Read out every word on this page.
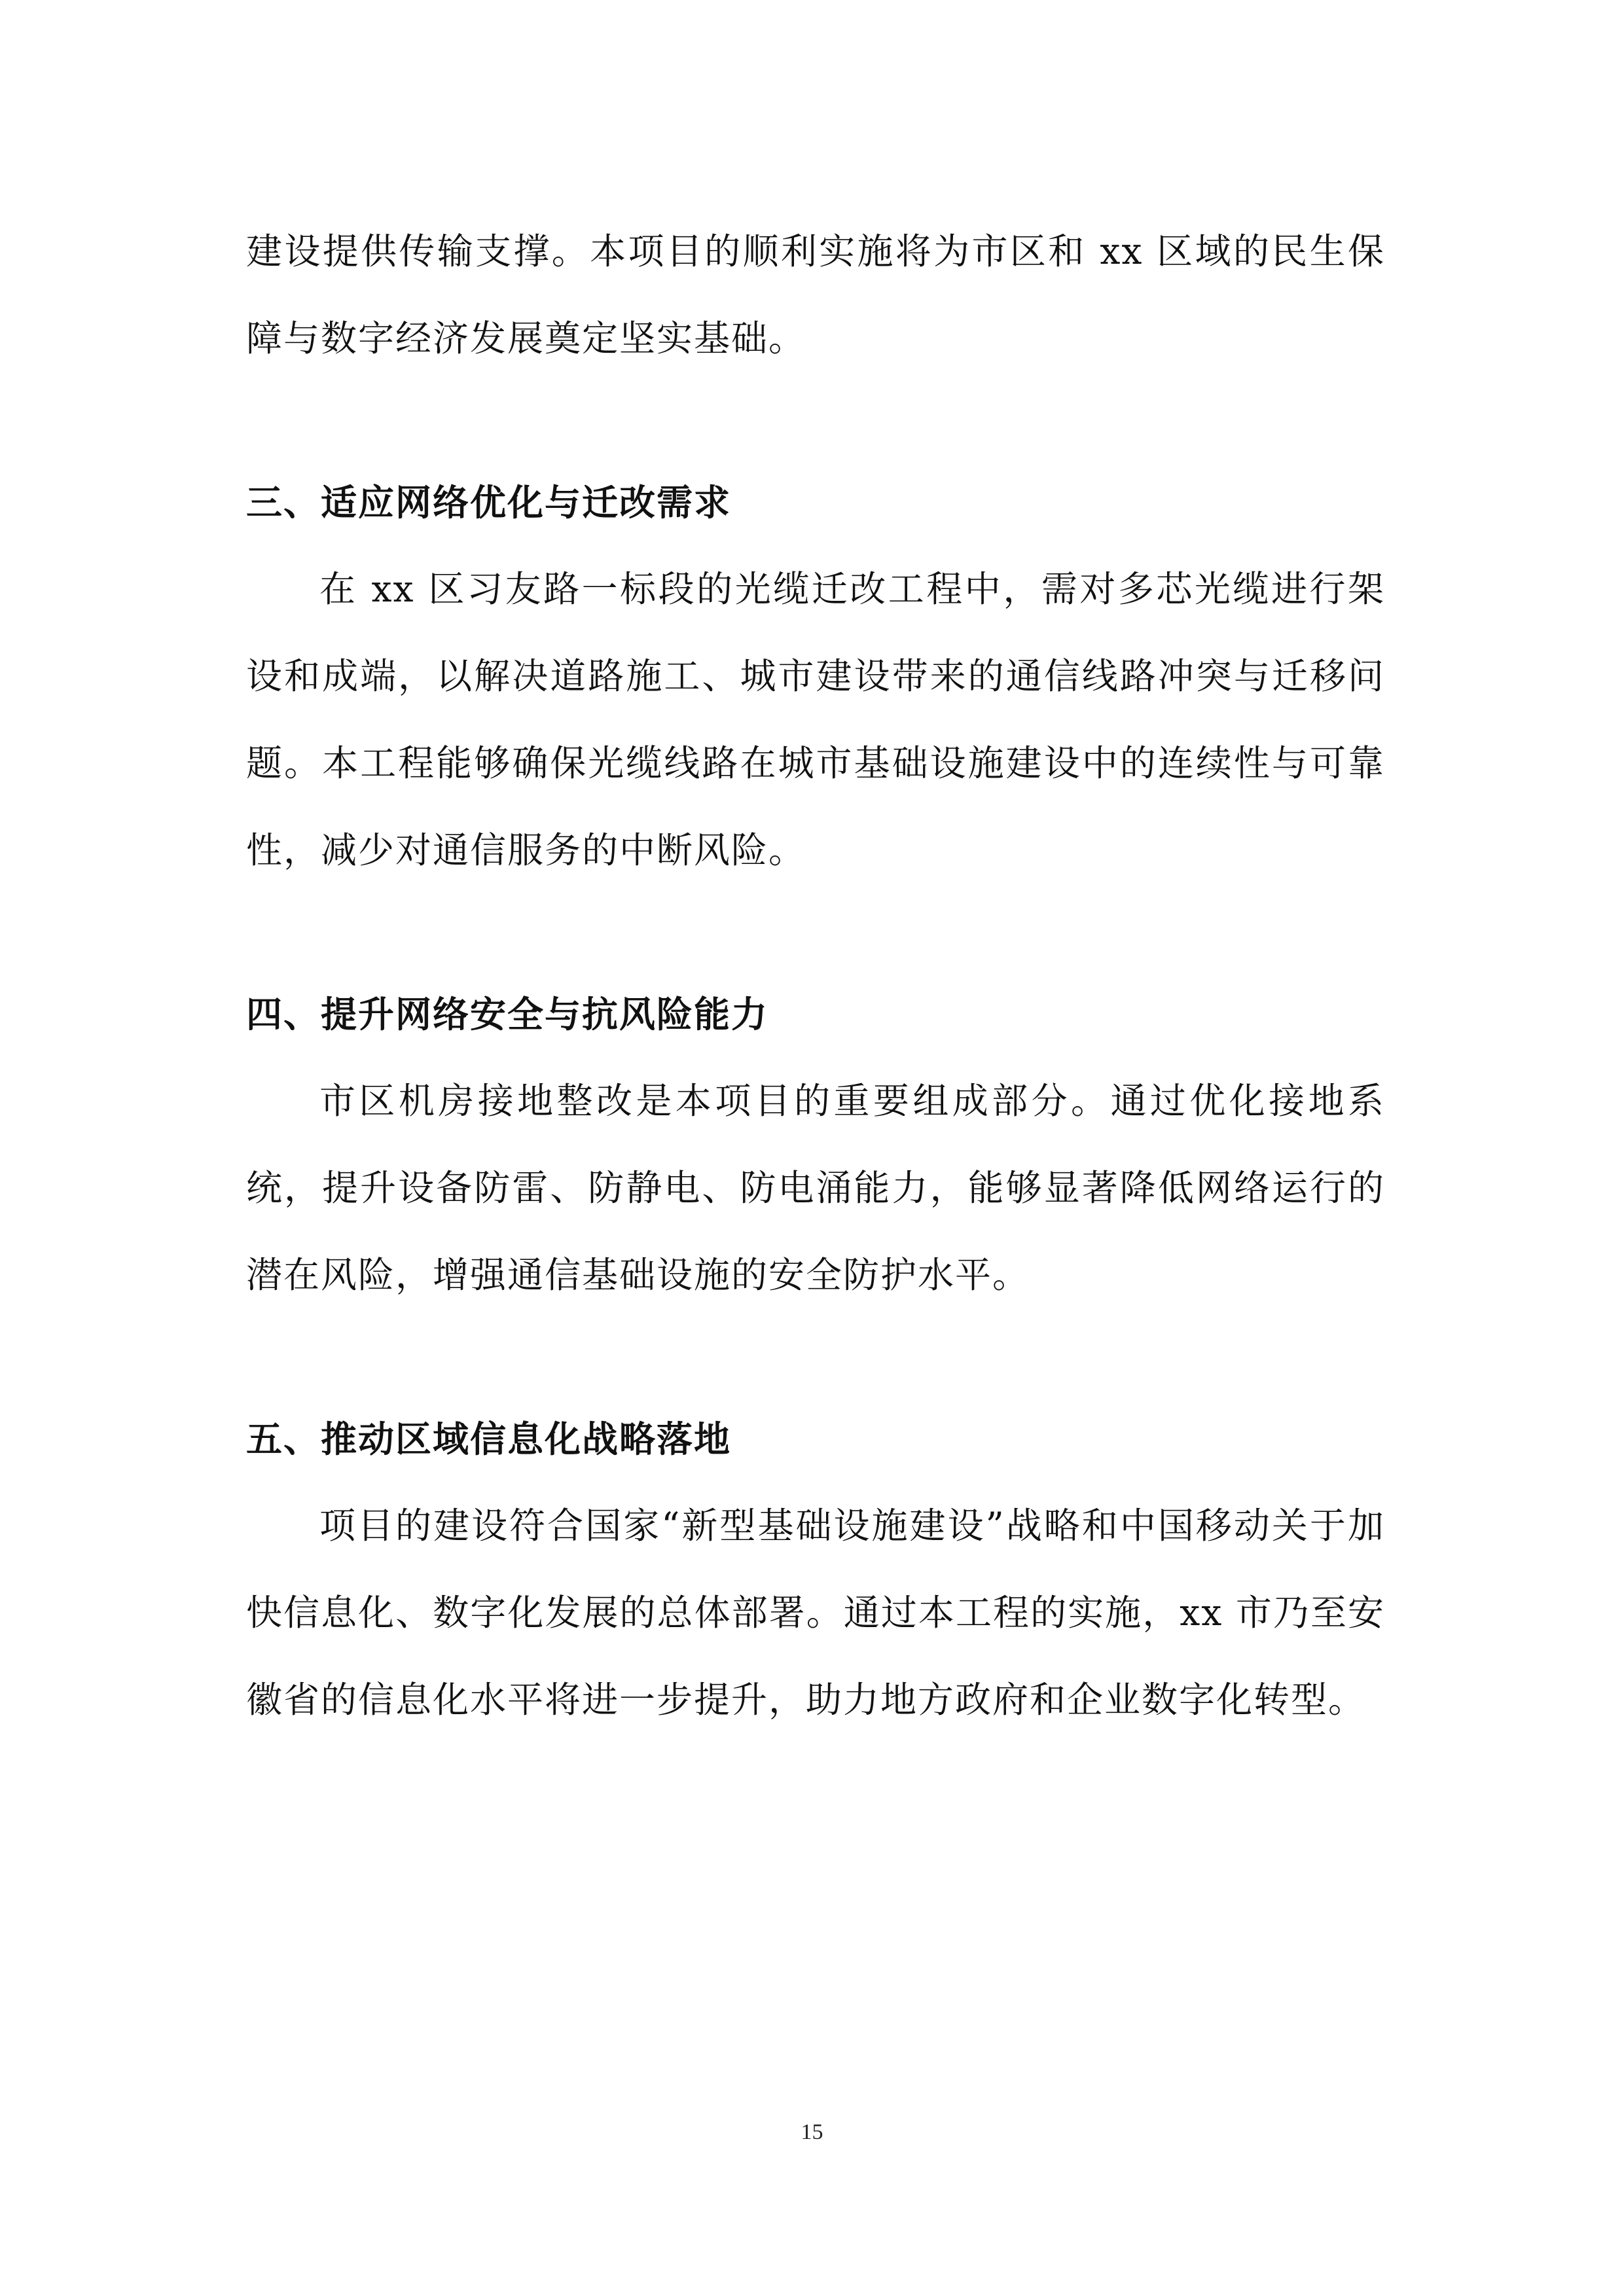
建设提供传输支撑。本项目的顺利实施将为市区和 xx 区域的民生保障与数字经济发展奠定坚实基础。

三、适应网络优化与迁改需求

在 xx 区习友路一标段的光缆迁改工程中，需对多芯光缆进行架设和成端，以解决道路施工、城市建设带来的通信线路冲突与迁移问题。本工程能够确保光缆线路在城市基础设施建设中的连续性与可靠性，减少对通信服务的中断风险。

四、提升网络安全与抗风险能力

市区机房接地整改是本项目的重要组成部分。通过优化接地系统，提升设备防雷、防静电、防电涌能力，能够显著降低网络运行的潜在风险，增强通信基础设施的安全防护水平。

五、推动区域信息化战略落地

项目的建设符合国家“新型基础设施建设”战略和中国移动关于加快信息化、数字化发展的总体部署。通过本工程的实施，xx 市乃至安徽省的信息化水平将进一步提升，助力地方政府和企业数字化转型。

15
